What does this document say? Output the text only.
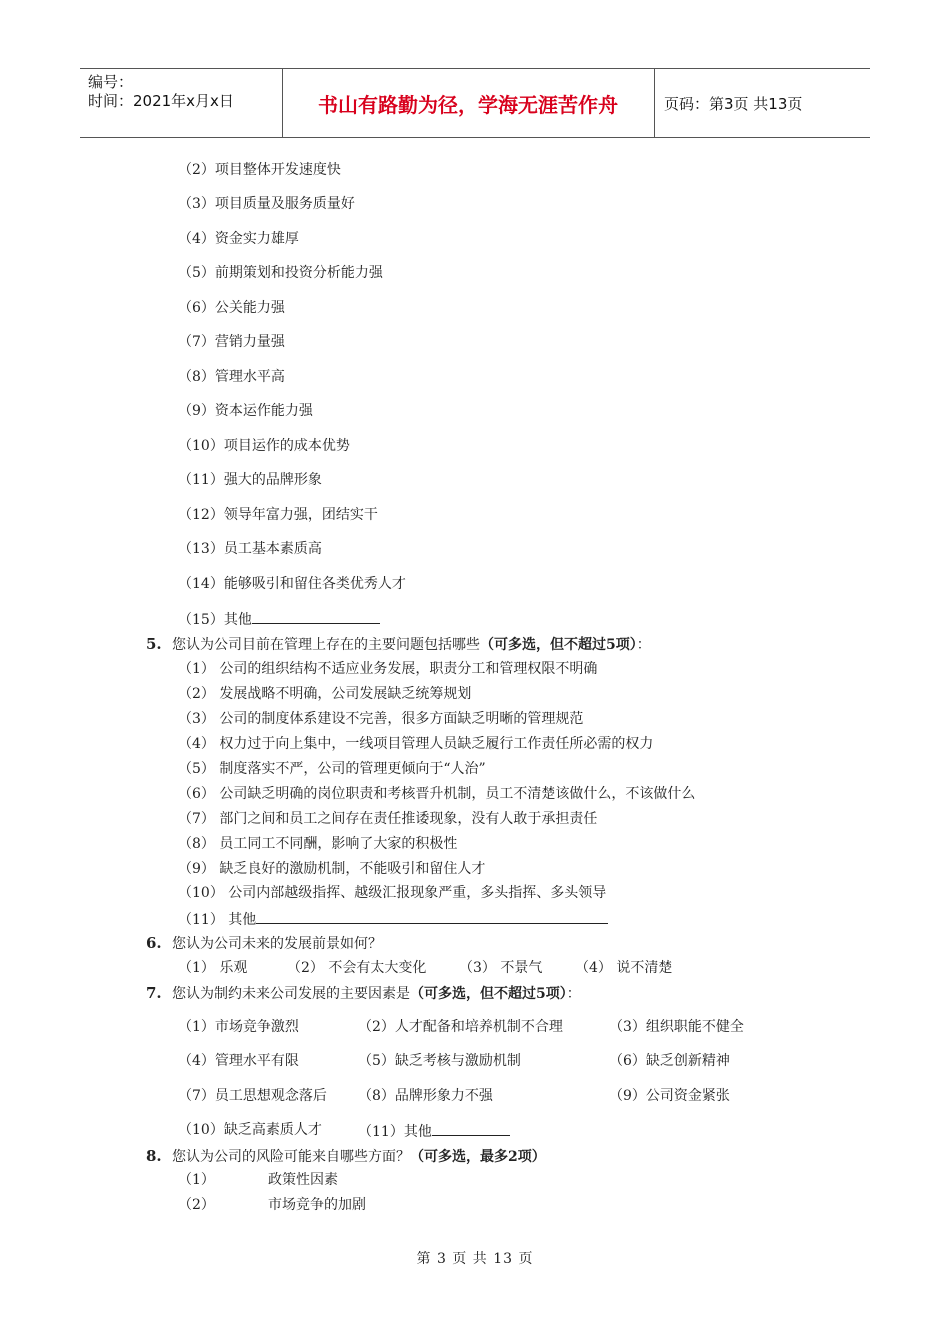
编号：
时间：2021年x月x日	书山有路勤为径，学海无涯苦作舟	页码：第3页 共13页
（2）项目整体开发速度快
（3）项目质量及服务质量好
（4）资金实力雄厚
（5）前期策划和投资分析能力强
（6）公关能力强
（7）营销力量强
（8）管理水平高
（9）资本运作能力强
（10）项目运作的成本优势
（11）强大的品牌形象
（12）领导年富力强，团结实干
（13）员工基本素质高
（14）能够吸引和留住各类优秀人才
（15）其他
5. 您认为公司目前在管理上存在的主要问题包括哪些（可多选，但不超过5项）：
（1） 公司的组织结构不适应业务发展，职责分工和管理权限不明确
（2） 发展战略不明确，公司发展缺乏统筹规划
（3） 公司的制度体系建设不完善，很多方面缺乏明晰的管理规范
（4） 权力过于向上集中，一线项目管理人员缺乏履行工作责任所必需的权力
（5） 制度落实不严，公司的管理更倾向于“人治”
（6） 公司缺乏明确的岗位职责和考核晋升机制，员工不清楚该做什么，不该做什么
（7） 部门之间和员工之间存在责任推诿现象，没有人敢于承担责任
（8） 员工同工不同酬，影响了大家的积极性
（9） 缺乏良好的激励机制，不能吸引和留住人才
（10） 公司内部越级指挥、越级汇报现象严重，多头指挥、多头领导
（11） 其他
6. 您认为公司未来的发展前景如何？
（1） 乐观	（2） 不会有太大变化 （3） 不景气 （4） 说不清楚
7. 您认为制约未来公司发展的主要因素是（可多选，但不超过5项）：
（1）市场竞争激烈	（2）人才配备和培养机制不合理	（3）组织职能不健全
（4）管理水平有限	（5）缺乏考核与激励机制	（6）缺乏创新精神
（7）员工思想观念落后 （8）品牌形象力不强	（9）公司资金紧张
（10）缺乏高素质人才	（11）其他
8. 您认为公司的风险可能来自哪些方面？（可多选，最多2项）
（1）	政策性因素
（2）	市场竞争的加剧
第 3 页 共 13 页
